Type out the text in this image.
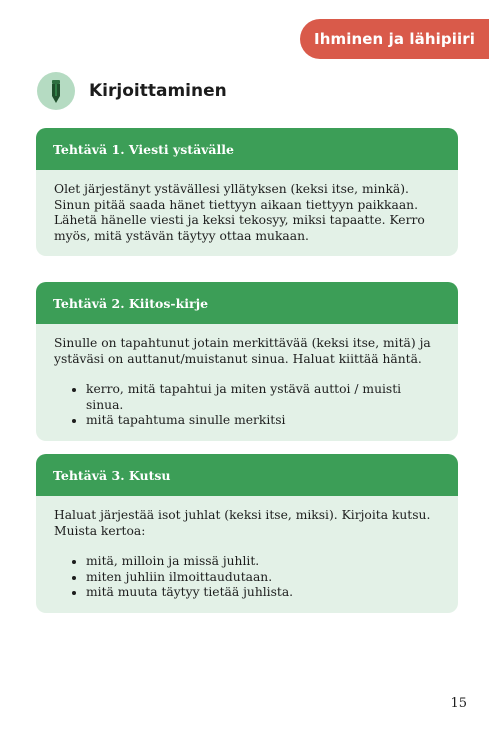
Ihminen ja lähipiiri
Kirjoittaminen
Tehtävä 1. Viesti ystävälle

Olet järjestänyt ystävällesi yllätyksen (keksi itse, minkä). Sinun pitää saada hänet tiettyyn aikaan tiettyyn paikkaan. Lähetä hänelle viesti ja keksi tekosyy, miksi tapaatte. Kerro myös, mitä ystävän täytyy ottaa mukaan.

Tehtävä 2. Kiitos-kirje

Sinulle on tapahtunut jotain merkittävää (keksi itse, mitä) ja ystäväsi on auttanut/muistanut sinua. Haluat kiittää häntä.

• kerro, mitä tapahtui ja miten ystävä auttoi / muisti sinua.
• mitä tapahtuma sinulle merkitsi
Tehtävä 3. Kutsu

Haluat järjestää isot juhlat (keksi itse, miksi). Kirjoita kutsu. Muista kertoa:

• mitä, milloin ja missä juhlit.
• miten juhliin ilmoittaudutaan.
• mitä muuta täytyy tietää juhlista.
15
